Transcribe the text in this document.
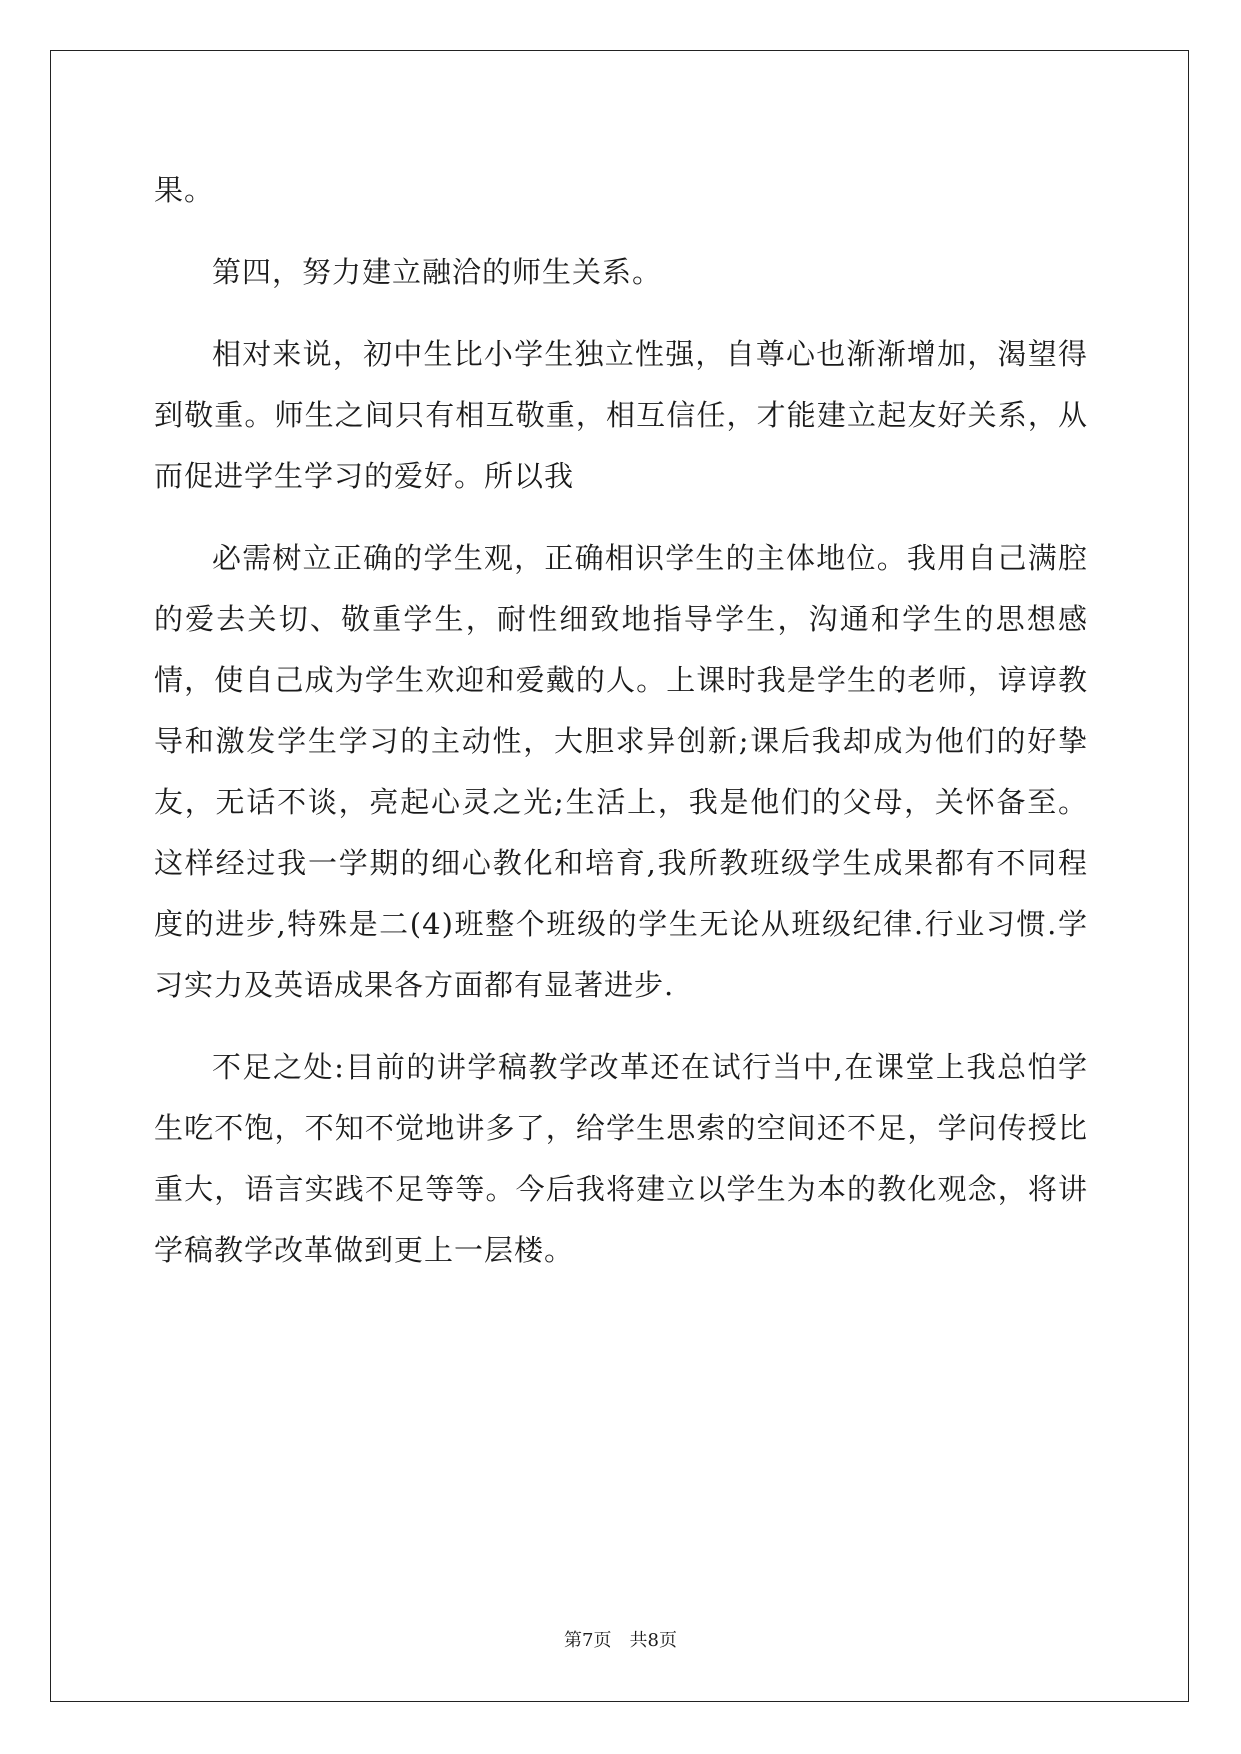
果。

第四，努力建立融洽的师生关系。

相对来说，初中生比小学生独立性强，自尊心也渐渐增加，渴望得到敬重。师生之间只有相互敬重，相互信任，才能建立起友好关系，从而促进学生学习的爱好。所以我

必需树立正确的学生观，正确相识学生的主体地位。我用自己满腔的爱去关切、敬重学生，耐性细致地指导学生，沟通和学生的思想感情，使自己成为学生欢迎和爱戴的人。上课时我是学生的老师，谆谆教导和激发学生学习的主动性，大胆求异创新;课后我却成为他们的好挚友，无话不谈，亮起心灵之光;生活上，我是他们的父母，关怀备至。这样经过我一学期的细心教化和培育,我所教班级学生成果都有不同程度的进步,特殊是二(4)班整个班级的学生无论从班级纪律.行业习惯.学习实力及英语成果各方面都有显著进步.

不足之处:目前的讲学稿教学改革还在试行当中,在课堂上我总怕学生吃不饱，不知不觉地讲多了，给学生思索的空间还不足，学问传授比重大，语言实践不足等等。今后我将建立以学生为本的教化观念，将讲学稿教学改革做到更上一层楼。

第7页　共8页
